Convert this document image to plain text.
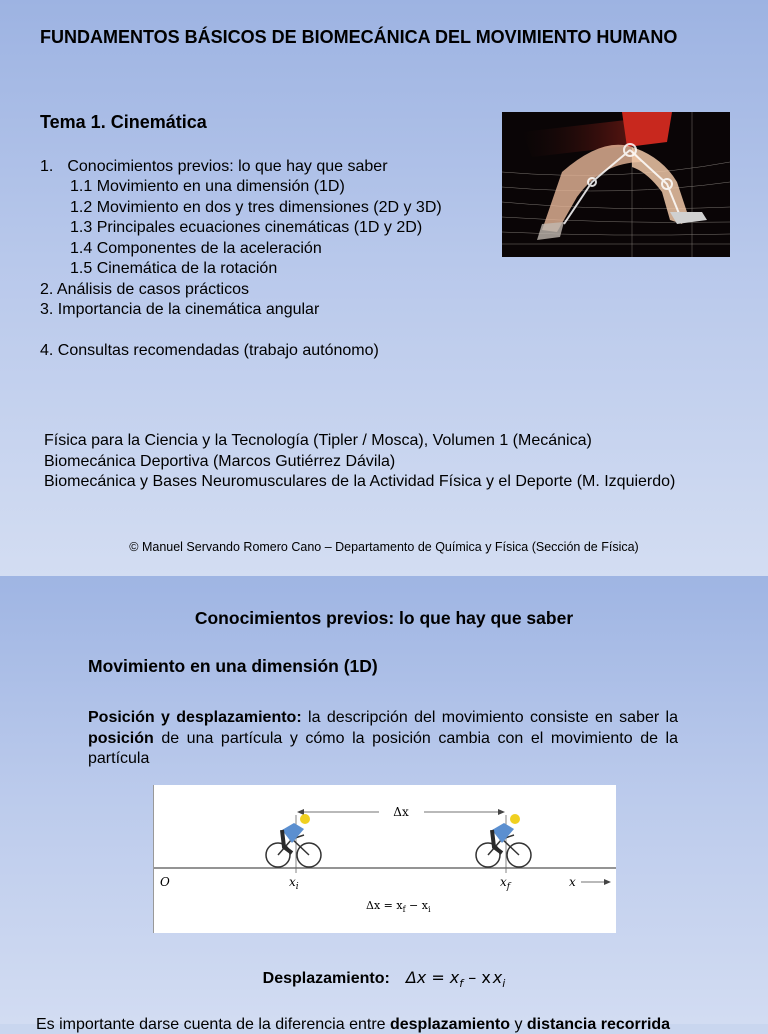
FUNDAMENTOS BÁSICOS DE BIOMECÁNICA DEL MOVIMIENTO HUMANO
Tema 1. Cinemática
1. Conocimientos previos: lo que hay que saber
1.1 Movimiento en una dimensión (1D)
1.2 Movimiento en dos y tres dimensiones (2D y 3D)
1.3 Principales ecuaciones cinemáticas (1D y 2D)
1.4 Componentes de la aceleración
1.5 Cinemática de la rotación
2. Análisis de casos prácticos
3. Importancia de la cinemática angular
4. Consultas recomendadas (trabajo autónomo)
Física para la Ciencia y la Tecnología (Tipler / Mosca), Volumen 1 (Mecánica)
Biomecánica Deportiva (Marcos Gutiérrez Dávila)
Biomecánica y Bases Neuromusculares de la Actividad Física y el Deporte (M. Izquierdo)
© Manuel Servando Romero Cano – Departamento de Química y Física (Sección de Física)
Conocimientos previos: lo que hay que saber
Movimiento en una dimensión (1D)
Posición y desplazamiento: la descripción del movimiento consiste en saber la posición de una partícula y cómo la posición cambia con el movimiento de la partícula
Δx
O	$x_i$	$x_f$	x
$\Delta x = x_f - x_i$
Desplazamiento: $\Delta x = x_f - x$ $x_i$
Es importante darse cuenta de la diferencia entre desplazamiento y distancia recorrida
